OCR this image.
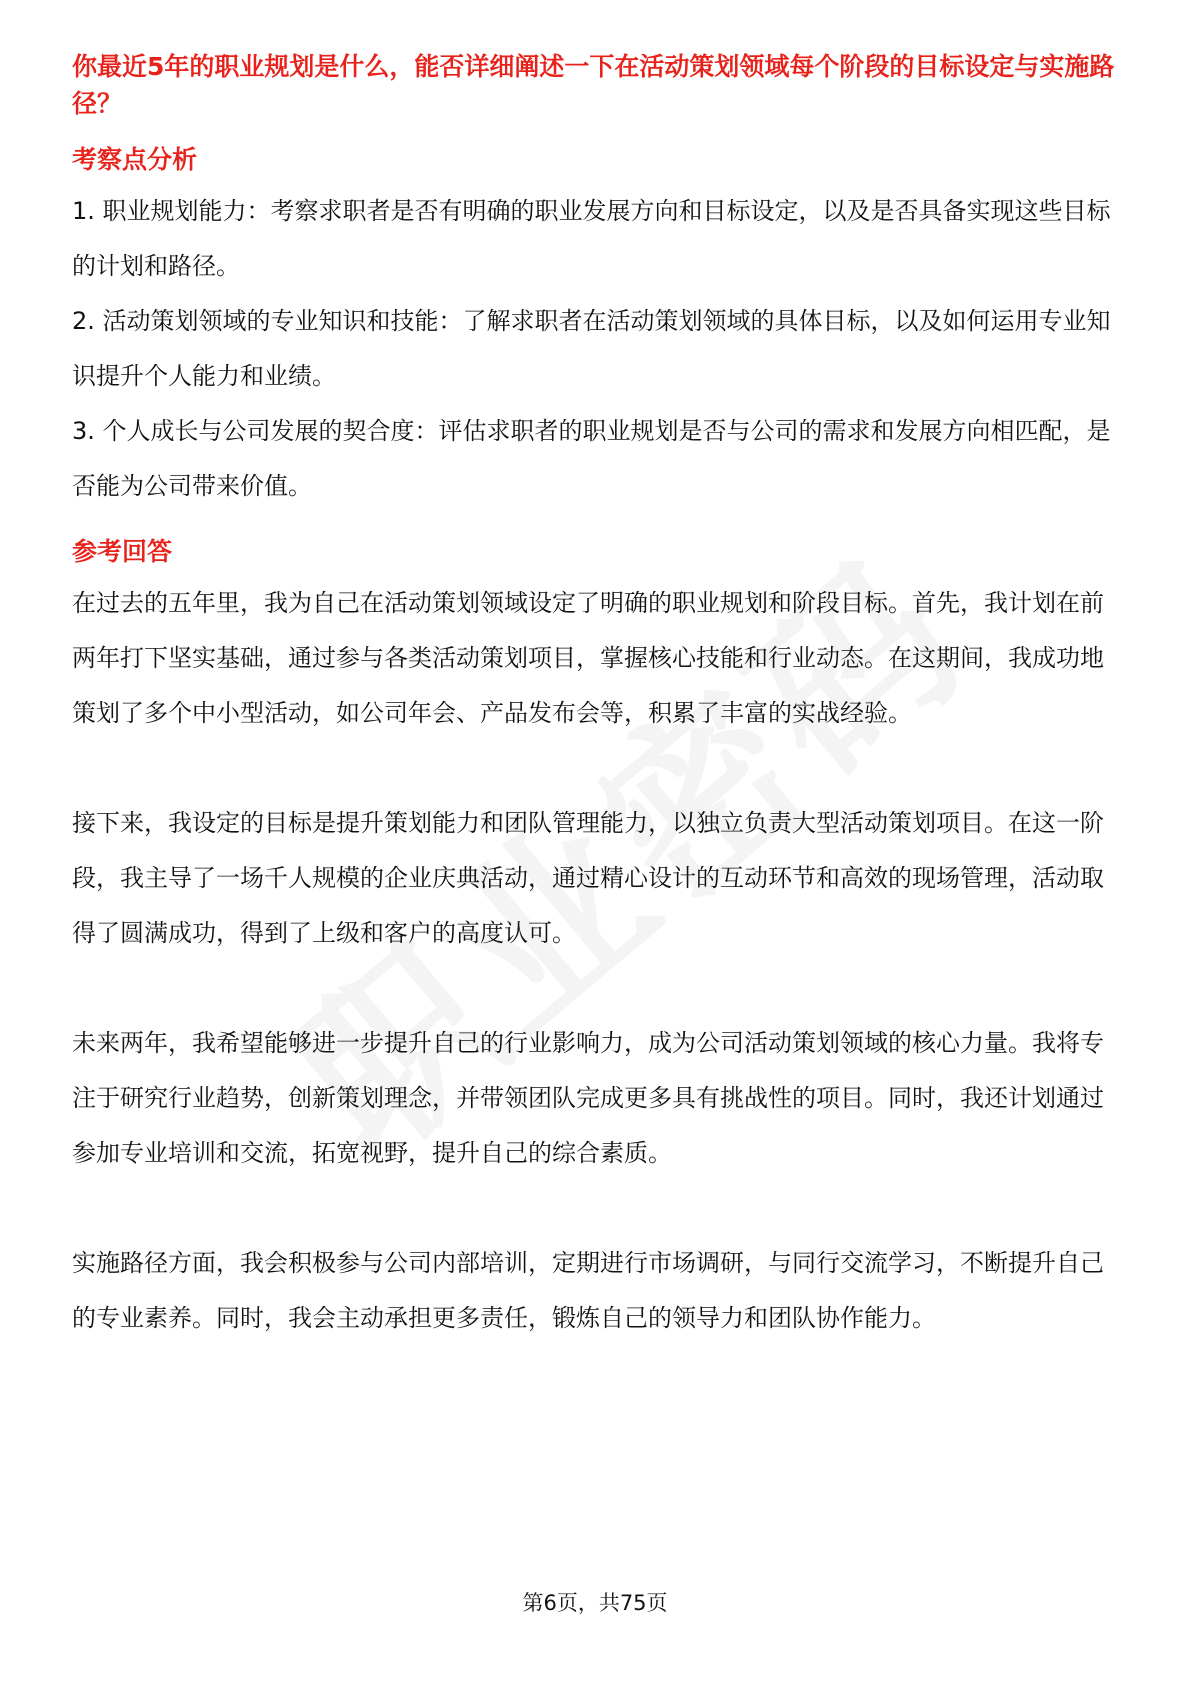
你最近5年的职业规划是什么，能否详细阐述一下在活动策划领域每个阶段的目标设定与实施路径？

考察点分析

1. 职业规划能力：考察求职者是否有明确的职业发展方向和目标设定，以及是否具备实现这些目标的计划和路径。

2. 活动策划领域的专业知识和技能：了解求职者在活动策划领域的具体目标，以及如何运用专业知识提升个人能力和业绩。

3. 个人成长与公司发展的契合度：评估求职者的职业规划是否与公司的需求和发展方向相匹配，是否能为公司带来价值。

参考回答

在过去的五年里，我为自己在活动策划领域设定了明确的职业规划和阶段目标。首先，我计划在前两年打下坚实基础，通过参与各类活动策划项目，掌握核心技能和行业动态。在这期间，我成功地策划了多个中小型活动，如公司年会、产品发布会等，积累了丰富的实战经验。

接下来，我设定的目标是提升策划能力和团队管理能力，以独立负责大型活动策划项目。在这一阶段，我主导了一场千人规模的企业庆典活动，通过精心设计的互动环节和高效的现场管理，活动取得了圆满成功，得到了上级和客户的高度认可。

未来两年，我希望能够进一步提升自己的行业影响力，成为公司活动策划领域的核心力量。我将专注于研究行业趋势，创新策划理念，并带领团队完成更多具有挑战性的项目。同时，我还计划通过参加专业培训和交流，拓宽视野，提升自己的综合素质。

实施路径方面，我会积极参与公司内部培训，定期进行市场调研，与同行交流学习，不断提升自己的专业素养。同时，我会主动承担更多责任，锻炼自己的领导力和团队协作能力。

第6页，共75页
